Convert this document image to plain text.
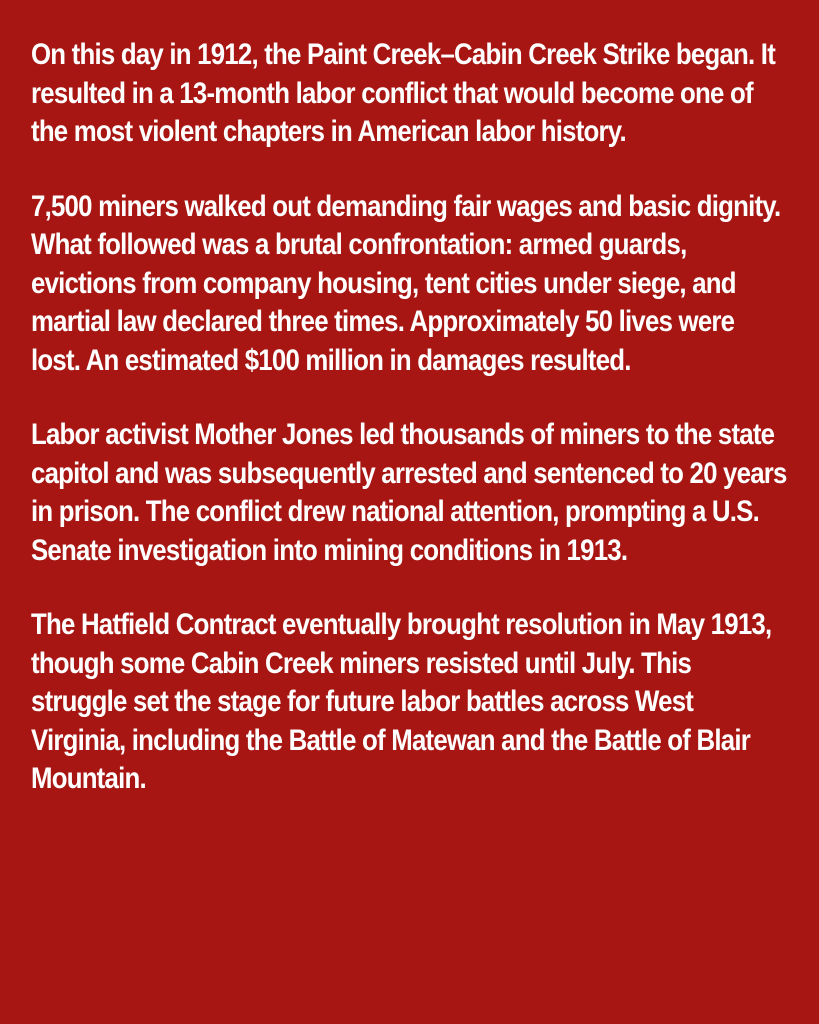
On this day in 1912, the Paint Creek–Cabin Creek Strike began. It resulted in a 13-month labor conflict that would become one of the most violent chapters in American labor history.

7,500 miners walked out demanding fair wages and basic dignity. What followed was a brutal confrontation: armed guards, evictions from company housing, tent cities under siege, and martial law declared three times. Approximately 50 lives were lost. An estimated $100 million in damages resulted.

Labor activist Mother Jones led thousands of miners to the state capitol and was subsequently arrested and sentenced to 20 years in prison. The conflict drew national attention, prompting a U.S. Senate investigation into mining conditions in 1913.

The Hatfield Contract eventually brought resolution in May 1913, though some Cabin Creek miners resisted until July. This struggle set the stage for future labor battles across West Virginia, including the Battle of Matewan and the Battle of Blair Mountain.
